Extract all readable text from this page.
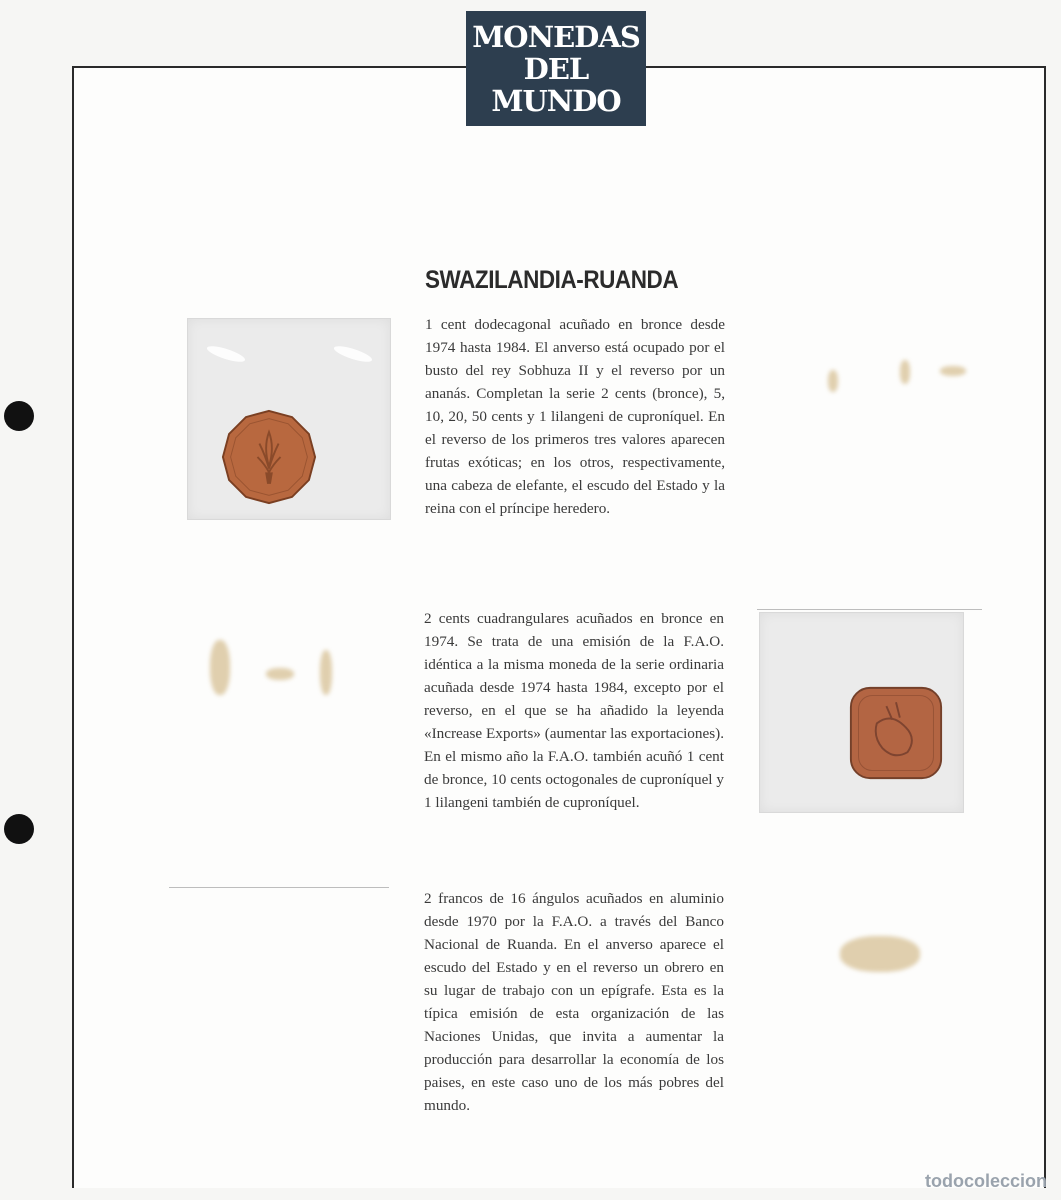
MONEDAS
DEL
MUNDO
SWAZILANDIA-RUANDA

1 cent dodecagonal acuñado en bronce desde 1974 hasta 1984. El anverso está ocupado por el busto del rey Sobhuza II y el reverso por un ananás. Completan la serie 2 cents (bronce), 5, 10, 20, 50 cents y 1 lilangeni de cuproníquel. En el reverso de los primeros tres valores aparecen frutas exóticas; en los otros, respectivamente, una cabeza de elefante, el escudo del Estado y la reina con el príncipe heredero.

2 cents cuadrangulares acuñados en bronce en 1974. Se trata de una emisión de la F.A.O. idéntica a la misma moneda de la serie ordinaria acuñada desde 1974 hasta 1984, excepto por el reverso, en el que se ha añadido la leyenda «Increase Exports» (aumentar las exportaciones). En el mismo año la F.A.O. también acuñó 1 cent de bronce, 10 cents octogonales de cuproníquel y 1 lilangeni también de cuproníquel.

2 francos de 16 ángulos acuñados en aluminio desde 1970 por la F.A.O. a través del Banco Nacional de Ruanda. En el anverso aparece el escudo del Estado y en el reverso un obrero en su lugar de trabajo con un epígrafe. Esta es la típica emisión de esta organización de las Naciones Unidas, que invita a aumentar la producción para desarrollar la economía de los paises, en este caso uno de los más pobres del mundo.

todocoleccion
